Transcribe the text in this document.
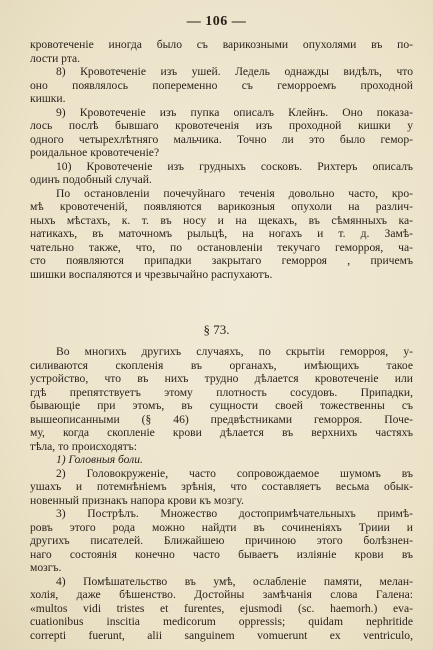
— 106 —
кровотеченіе иногда было съ варикозными опухолями въ по-
лости рта.
8) Кровотеченіе изъ ушей. Ледель однажды видѣлъ, что
оно появлялось попеременно съ геморроемъ проходной
кишки.
9) Кровотеченіе изъ пупка описалъ Клейнъ. Оно показа-
лось послѣ бывшаго кровотеченія изъ проходной кишки у
одного четырехлѣтняго мальчика. Точно ли это было гемор-
роидальное кровотеченіе?
10) Кровотеченіе изъ грудныхъ сосковъ. Рихтеръ описалъ
одинъ подобный случай.
По остановленіи почечуйнаго теченія довольно часто, кро-
мѣ кровотеченій, появляются варикозныя опухоли на различ-
ныхъ мѣстахъ, к. т. въ носу и на щекахъ, въ сѣмянныхъ ка-
натикахъ, въ маточномъ рыльцѣ, на ногахъ и т. д. Замѣ-
чательно также, что, по остановленіи текучаго геморроя, ча-
сто появляются припадки закрытаго геморроя , причемъ
шишки воспаляются и чрезвычайно распухаютъ.
§ 73.
Во многихъ другихъ случаяхъ, по скрытіи геморроя, у-
силиваются скопленія въ органахъ, имѣющихъ такое
устройство, что въ нихъ трудно дѣлается кровотеченіе или
гдѣ препятствуетъ этому плотность сосудовъ. Припадки,
бывающіе при этомъ, въ сущности своей тожественны съ
вышеописанными (§ 46) предвѣстниками геморроя. Поче-
му, когда скопленіе крови дѣлается въ верхнихъ частяхъ
тѣла, то происходятъ:
1) Головныя боли.
2) Головокруженіе, часто сопровождаемое шумомъ въ
ушахъ и потемнѣніемъ зрѣнія, что составляетъ весьма обык-
новенный признакъ напора крови къ мозгу.
3) Пострѣлъ. Множество достопримѣчательныхъ примѣ-
ровъ этого рода можно найдти въ сочиненіяхъ Триии и
другихъ писателей. Ближайшею причиною этого болѣзнен-
наго состоянія конечно часто бываетъ излiяніе крови въ
мозгъ.
4) Помѣшательство въ умѣ, ослабленіе памяти, мелан-
холія, даже бѣшенство. Достойны замѣчанія слова Галена:
«multos vidi tristes et furentes, ejusmodi (sc. haemorh.) evа-
cuationibus inscitia medicorum oppressis; quidam nephritide
correpti fuerunt, alii sanguinem vomuerunt ex ventriculo,
